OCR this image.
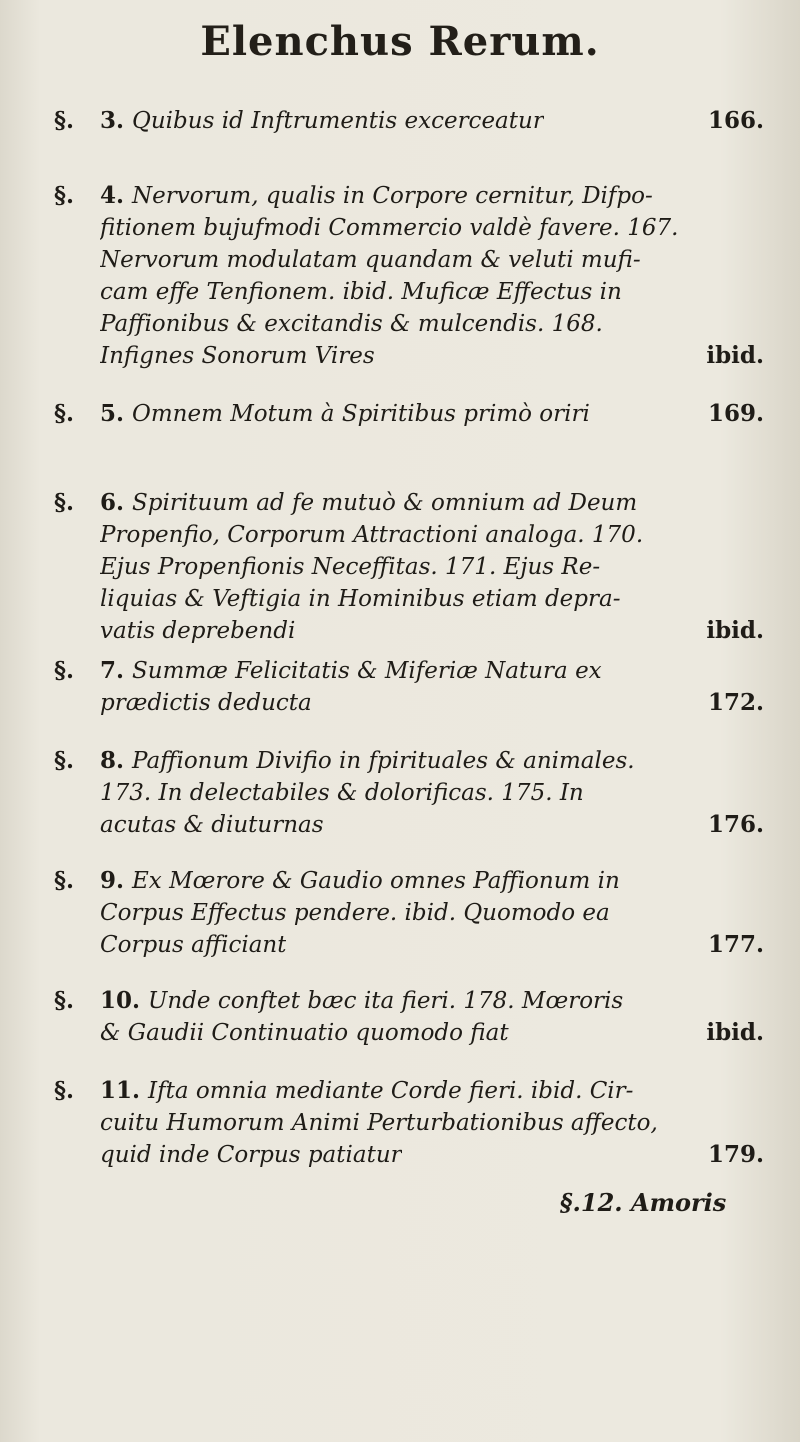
Elenchus Rerum.
§. 3. Quibus id Inftrumentis excerceatur	166.
§. 4. Nervorum, qualis in Corpore cernitur, Difpo-
fitionem bujufmodi Commercio valdè favere. 167.
Nervorum modulatam quandam & veluti mufi-
cam effe Tenfionem. ibid. Muficæ Effectus in
Paffionibus & excitandis & mulcendis. 168.
Infignes Sonorum Vires	ibid.
§. 5. Omnem Motum à Spiritibus primò oriri	169.
§. 6. Spirituum ad fe mutuò & omnium ad Deum
Propenfio, Corporum Attractioni analoga. 170.
Ejus Propenfionis Neceffitas. 171. Ejus Re-
liquias & Veftigia in Hominibus etiam depra-
vatis deprebendi	ibid.
§. 7. Summæ Felicitatis & Miferiæ Natura ex
prædictis deducta	172.
§. 8. Paffionum Divifio in fpirituales & animales.
173. In delectabiles & dolorificas. 175. In
acutas & diuturnas	176.
§. 9. Ex Mœrore & Gaudio omnes Paffionum in
Corpus Effectus pendere. ibid. Quomodo ea
Corpus afficiant	177.
§. 10. Unde conftet bæc ita fieri. 178. Mœroris
& Gaudii Continuatio quomodo fiat	ibid.
§. 11. Ifta omnia mediante Corde fieri. ibid. Cir-
cuitu Humorum Animi Perturbationibus affecto,
quid inde Corpus patiatur	179.
§.12. Amoris
